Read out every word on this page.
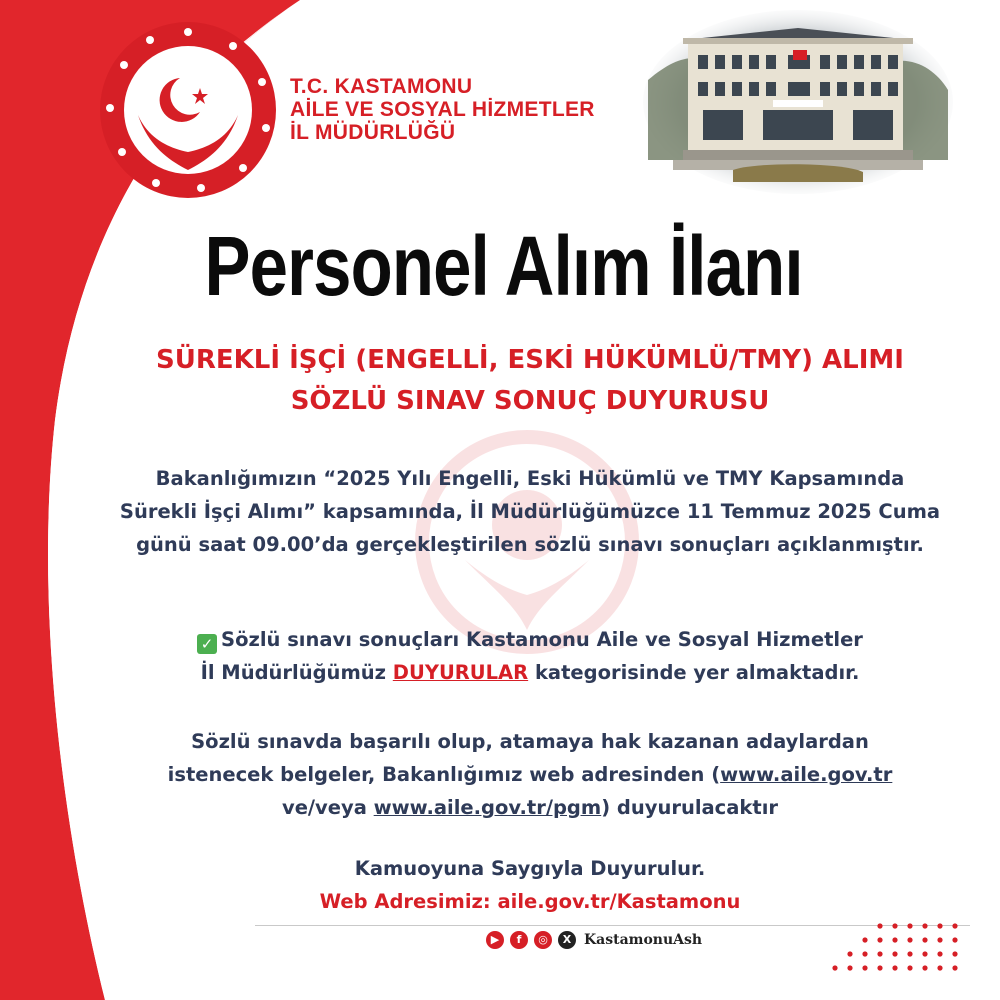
T.C. KASTAMONU
AİLE VE SOSYAL HİZMETLER
İL MÜDÜRLÜĞÜ
Personel Alım İlanı
SÜREKLİ İŞÇİ (ENGELLİ, ESKİ HÜKÜMLÜ/TMY) ALIMI
SÖZLÜ SINAV SONUÇ DUYURUSU
Bakanlığımızın “2025 Yılı Engelli, Eski Hükümlü ve TMY Kapsamında
Sürekli İşçi Alımı” kapsamında, İl Müdürlüğümüzce 11 Temmuz 2025 Cuma
günü saat 09.00’da gerçekleştirilen sözlü sınavı sonuçları açıklanmıştır.
✓ Sözlü sınavı sonuçları Kastamonu Aile ve Sosyal Hizmetler
İl Müdürlüğümüz DUYURULAR kategorisinde yer almaktadır.
Sözlü sınavda başarılı olup, atamaya hak kazanan adaylardan
istenecek belgeler, Bakanlığımız web adresinden (www.aile.gov.tr
ve/veya www.aile.gov.tr/pgm) duyurulacaktır
Kamuoyuna Saygıyla Duyurulur.
Web Adresimiz: aile.gov.tr/Kastamonu
▶	f	◎	X KastamonuAsh
